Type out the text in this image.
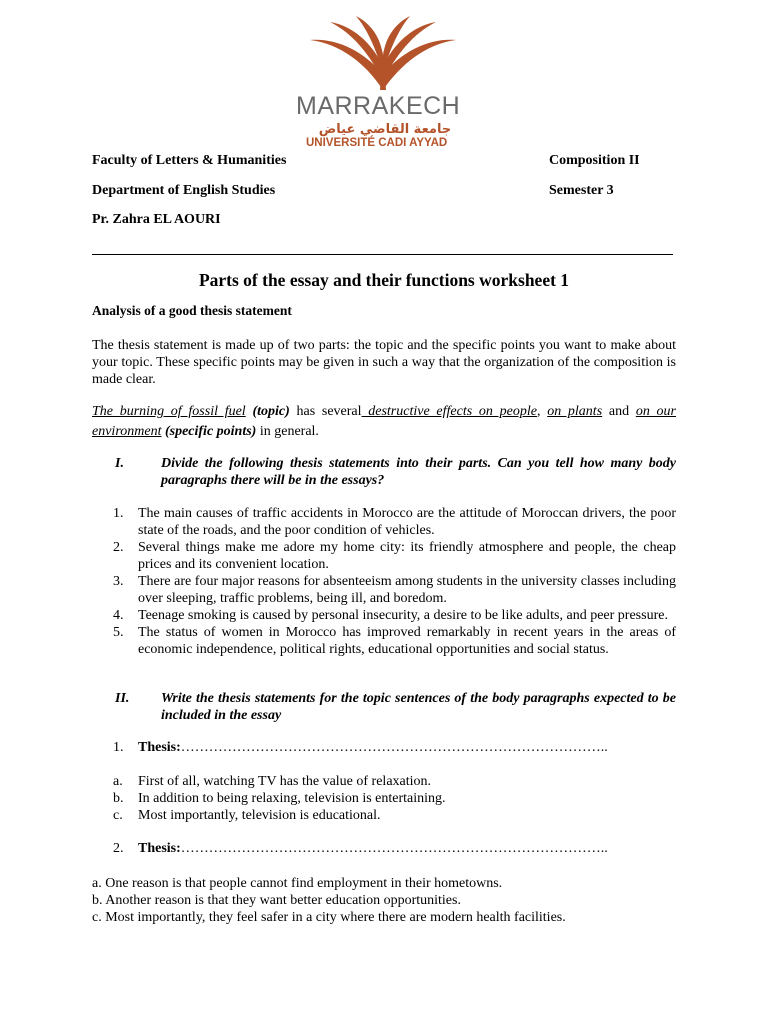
MARRAKECH
جامعة القاضي عياض
UNIVERSITÉ CADI AYYAD
Faculty of Letters & Humanities
Department of English Studies
Pr. Zahra EL AOURI
Composition II
Semester 3
Parts of the essay and their functions worksheet 1
Analysis of a good thesis statement
The thesis statement is made up of two parts: the topic and the specific points you want to make about your topic. These specific points may be given in such a way that the organization of the composition is made clear.
The burning of fossil fuel (topic) has several destructive effects on people, on plants and on our environment (specific points) in general.
I.	Divide the following thesis statements into their parts. Can you tell how many body paragraphs there will be in the essays?
1. The main causes of traffic accidents in Morocco are the attitude of Moroccan drivers, the poor state of the roads, and the poor condition of vehicles.
2. Several things make me adore my home city: its friendly atmosphere and people, the cheap prices and its convenient location.
3. There are four major reasons for absenteeism among students in the university classes including over sleeping, traffic problems, being ill, and boredom.
4. Teenage smoking is caused by personal insecurity, a desire to be like adults, and peer pressure.
5. The status of women in Morocco has improved remarkably in recent years in the areas of economic independence, political rights, educational opportunities and social status.
II. Write the thesis statements for the topic sentences of the body paragraphs expected to be included in the essay
1. Thesis:………………………………………………………………………………..
a. First of all, watching TV has the value of relaxation.
b. In addition to being relaxing, television is entertaining.
c. Most importantly, television is educational.
2. Thesis:………………………………………………………………………………..
a. One reason is that people cannot find employment in their hometowns.
b. Another reason is that they want better education opportunities.
c. Most importantly, they feel safer in a city where there are modern health facilities.
